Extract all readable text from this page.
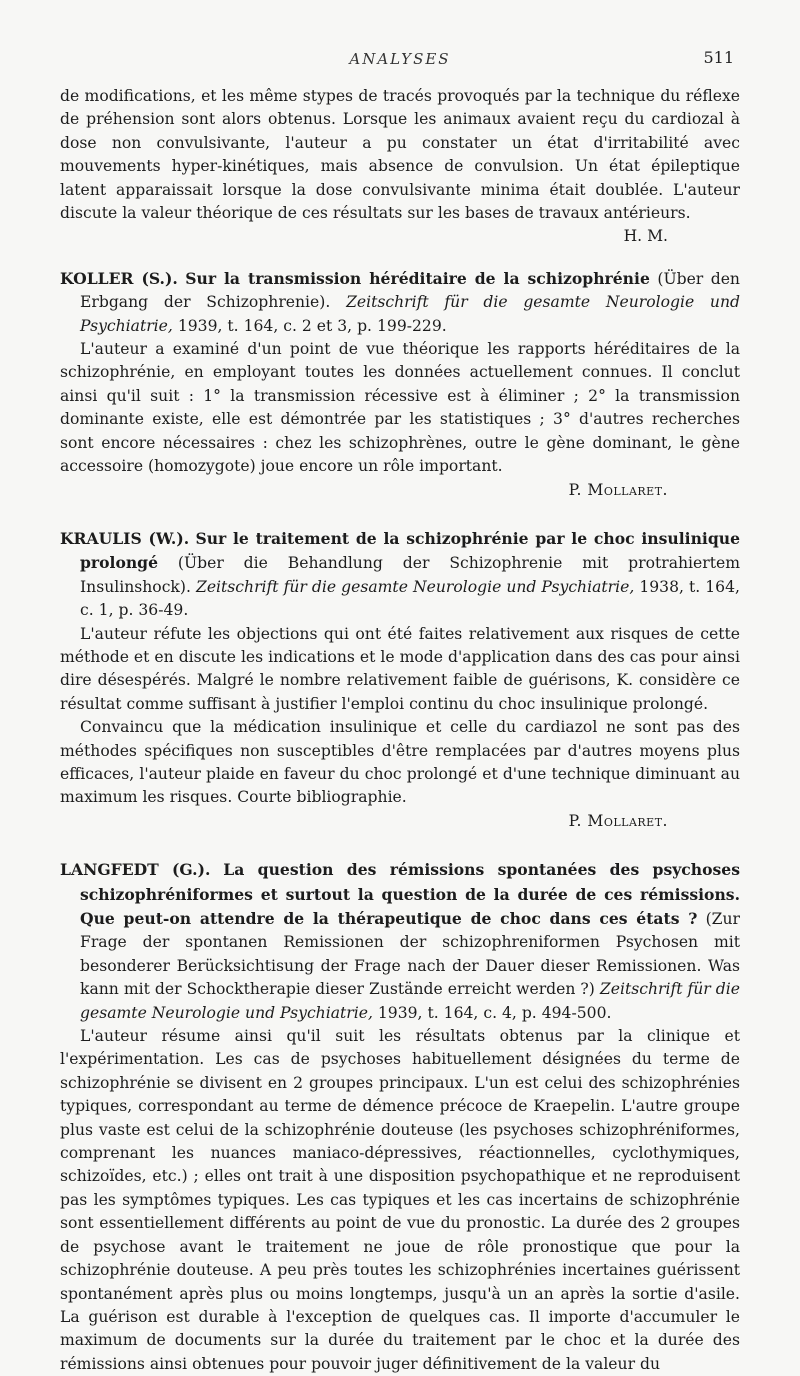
ANALYSES	511

de modifications, et les même stypes de tracés provoqués par la technique du réflexe de préhension sont alors obtenus. Lorsque les animaux avaient reçu du cardiozal à dose non convulsivante, l'auteur a pu constater un état d'irritabilité avec mouvements hyper-kinétiques, mais absence de convulsion. Un état épileptique latent apparaissait lorsque la dose convulsivante minima était doublée. L'auteur discute la valeur théorique de ces résultats sur les bases de travaux antérieurs.

H. M.

KOLLER (S.). Sur la transmission héréditaire de la schizophrénie (Über den Erbgang der Schizophrenie). Zeitschrift für die gesamte Neurologie und Psychiatrie, 1939, t. 164, c. 2 et 3, p. 199-229.

L'auteur a examiné d'un point de vue théorique les rapports héréditaires de la schizophrénie, en employant toutes les données actuellement connues. Il conclut ainsi qu'il suit : 1° la transmission récessive est à éliminer ; 2° la transmission dominante existe, elle est démontrée par les statistiques ; 3° d'autres recherches sont encore nécessaires : chez les schizophrènes, outre le gène dominant, le gène accessoire (homozygote) joue encore un rôle important.

P. Mollaret.

KRAULIS (W.). Sur le traitement de la schizophrénie par le choc insulinique prolongé (Über die Behandlung der Schizophrenie mit protrahiertem Insulinshock). Zeitschrift für die gesamte Neurologie und Psychiatrie, 1938, t. 164, c. 1, p. 36-49.

L'auteur réfute les objections qui ont été faites relativement aux risques de cette méthode et en discute les indications et le mode d'application dans des cas pour ainsi dire désespérés. Malgré le nombre relativement faible de guérisons, K. considère ce résultat comme suffisant à justifier l'emploi continu du choc insulinique prolongé.

Convaincu que la médication insulinique et celle du cardiazol ne sont pas des méthodes spécifiques non susceptibles d'être remplacées par d'autres moyens plus efficaces, l'auteur plaide en faveur du choc prolongé et d'une technique diminuant au maximum les risques. Courte bibliographie.

P. Mollaret.

LANGFEDT (G.). La question des rémissions spontanées des psychoses schizophréniformes et surtout la question de la durée de ces rémissions. Que peut-on attendre de la thérapeutique de choc dans ces états ? (Zur Frage der spontanen Remissionen der schizophreniformen Psychosen mit besonderer Berücksichtisung der Frage nach der Dauer dieser Remissionen. Was kann mit der Schocktherapie dieser Zustände erreicht werden ?) Zeitschrift für die gesamte Neurologie und Psychiatrie, 1939, t. 164, c. 4, p. 494-500.

L'auteur résume ainsi qu'il suit les résultats obtenus par la clinique et l'expérimentation. Les cas de psychoses habituellement désignées du terme de schizophrénie se divisent en 2 groupes principaux. L'un est celui des schizophrénies typiques, correspondant au terme de démence précoce de Kraepelin. L'autre groupe plus vaste est celui de la schizophrénie douteuse (les psychoses schizophréniformes, comprenant les nuances maniaco-dépressives, réactionnelles, cyclothymiques, schizoïdes, etc.) ; elles ont trait à une disposition psychopathique et ne reproduisent pas les symptômes typiques. Les cas typiques et les cas incertains de schizophrénie sont essentiellement différents au point de vue du pronostic. La durée des 2 groupes de psychose avant le traitement ne joue de rôle pronostique que pour la schizophrénie douteuse. A peu près toutes les schizophrénies incertaines guérissent spontanément après plus ou moins longtemps, jusqu'à un an après la sortie d'asile. La guérison est durable à l'exception de quelques cas. Il importe d'accumuler le maximum de documents sur la durée du traitement par le choc et la durée des rémissions ainsi obtenues pour pouvoir juger définitivement de la valeur du
